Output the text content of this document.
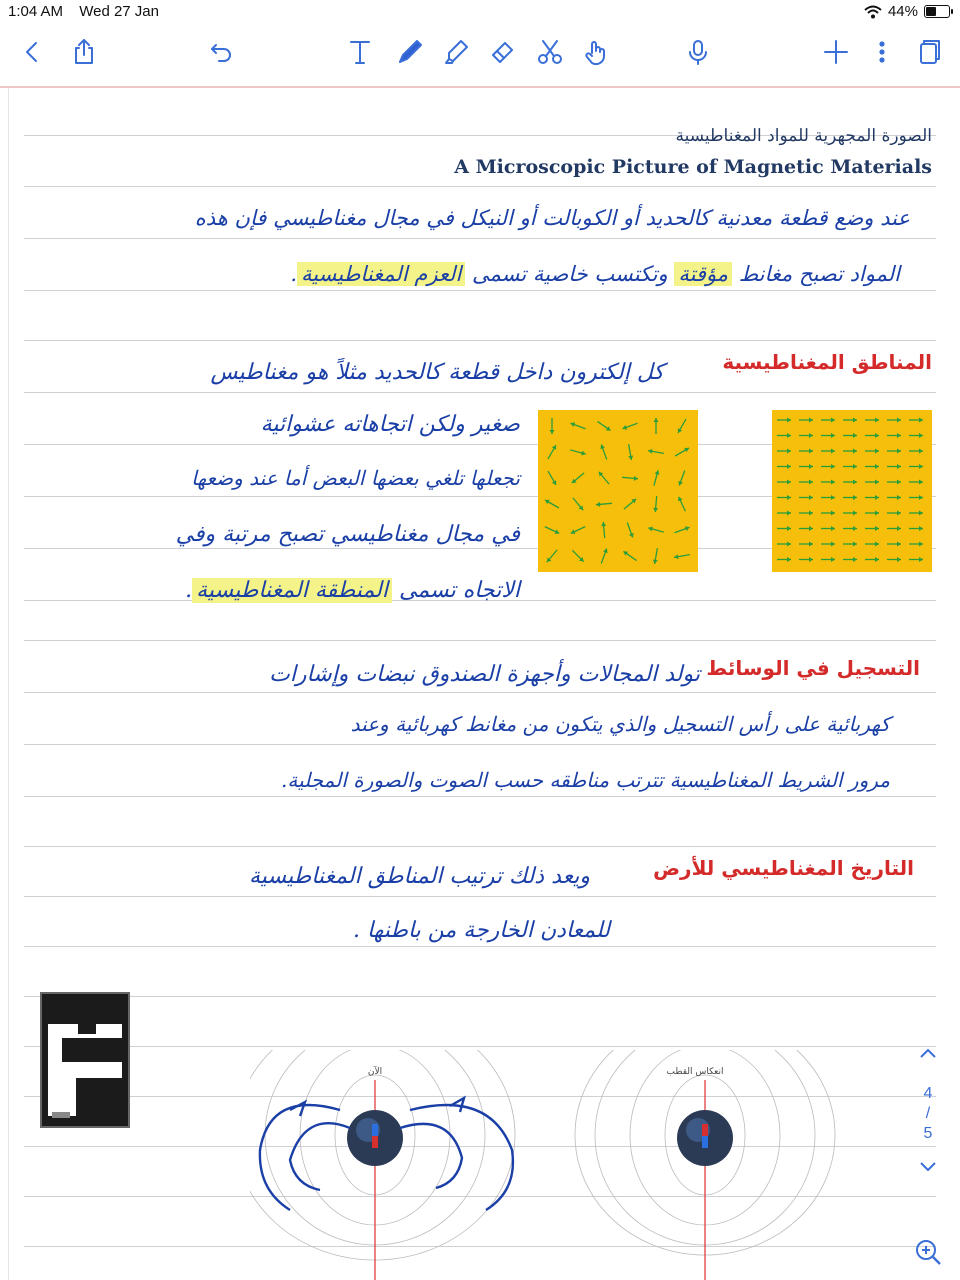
1:04 AM Wed 27 Jan	44%
الصورة المجهرية للمواد المغناطيسية
A Microscopic Picture of Magnetic Materials
عند وضع قطعة معدنية كالحديد أو الكوبالت أو النيكل في مجال مغناطيسي فإن هذه
المواد تصبح مغانط مؤقتة وتكتسب خاصية تسمى العزم المغناطيسية.
المناطق المغناطيسية
كل إلكترون داخل قطعة كالحديد مثلاً هو مغناطيس
صغير ولكن اتجاهاته عشوائية
تجعلها تلغي بعضها البعض أما عند وضعها
في مجال مغناطيسي تصبح مرتبة وفي
الاتجاه تسمى المنطقة المغناطيسية.
التسجيل في الوسائط
تولد المجالات وأجهزة الصندوق نبضات وإشارات
كهربائية على رأس التسجيل والذي يتكون من مغانط كهربائية وعند
مرور الشريط المغناطيسية تترتب مناطقه حسب الصوت والصورة المجلية.
التاريخ المغناطيسي للأرض
ويعد ذلك ترتيب المناطق المغناطيسية
للمعادن الخارجة من باطنها .
الآن	انعكاس القطب
4
/
5
